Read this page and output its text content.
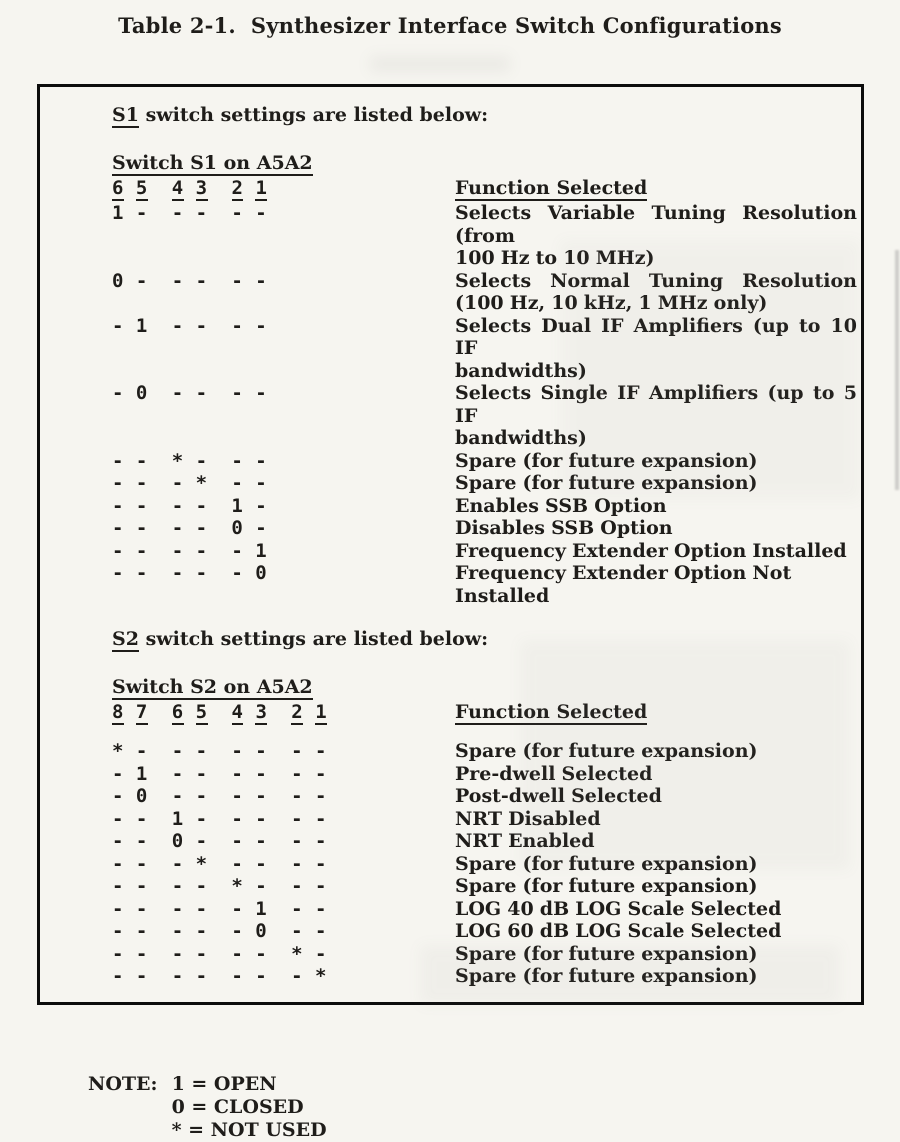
Table 2-1.  Synthesizer Interface Switch Configurations

S1 switch settings are listed below:

Switch S1 on A5A2
6 5 4 3 2 1	Function Selected
1 -  - -  - -	Selects Variable Tuning Resolution (from
100 Hz to 10 MHz)
0 -  - -  - -	Selects Normal Tuning Resolution
(100 Hz, 10 kHz, 1 MHz only)
- 1  - -  - -	Selects Dual IF Amplifiers (up to 10 IF
bandwidths)
- 0  - -  - -	Selects Single IF Amplifiers (up to 5 IF
bandwidths)
- -  * -  - -	Spare (for future expansion)
- -  - *  - -	Spare (for future expansion)
- -  - -  1 -	Enables SSB Option
- -  - -  0 -	Disables SSB Option
- -  - -  - 1	Frequency Extender Option Installed
- -  - -  - 0	Frequency Extender Option Not Installed

S2 switch settings are listed below:

Switch S2 on A5A2
8 7 6 5 4 3 2 1	Function Selected
* -  - -  - -  - -	Spare (for future expansion)
- 1  - -  - -  - -	Pre-dwell Selected
- 0  - -  - -  - -	Post-dwell Selected
- -  1 -  - -  - -	NRT Disabled
- -  0 -  - -  - -	NRT Enabled
- -  - *  - -  - -	Spare (for future expansion)
- -  - -  * -  - -	Spare (for future expansion)
- -  - -  - 1  - -	LOG 40 dB LOG Scale Selected
- -  - -  - 0  - -	LOG 60 dB LOG Scale Selected
- -  - -  - -  * -	Spare (for future expansion)
- -  - -  - -  - *	Spare (for future expansion)
NOTE: 1 = OPEN
0 = CLOSED
* = NOT USED
